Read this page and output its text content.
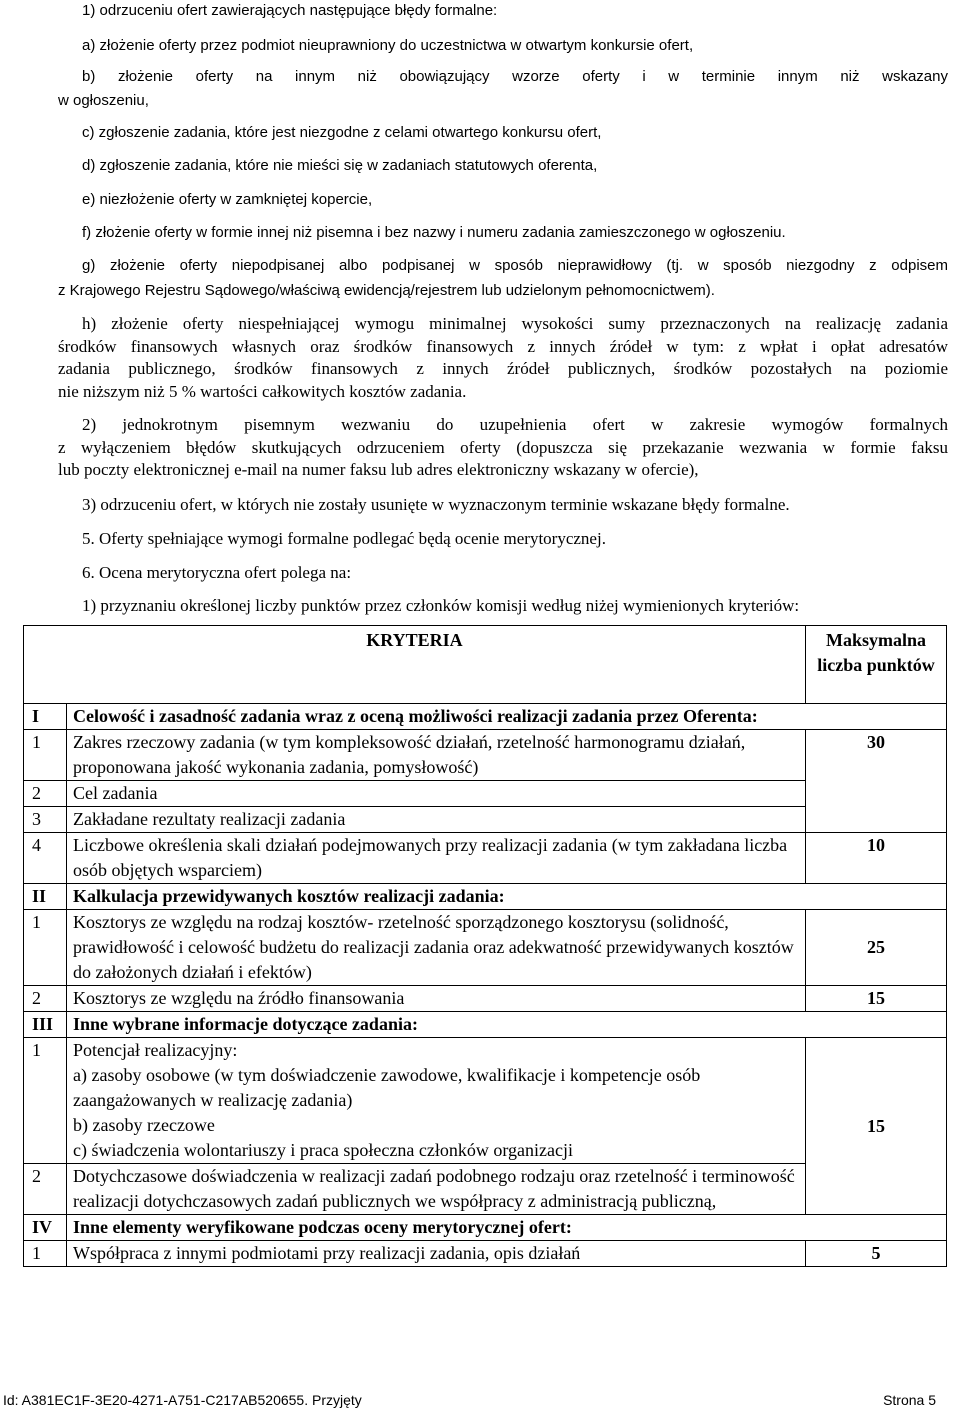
1) odrzuceniu ofert zawierających następujące błędy formalne:
a) złożenie oferty przez podmiot nieuprawniony do uczestnictwa w otwartym konkursie ofert,
b) złożenie oferty na innym niż obowiązujący wzorze oferty i w terminie innym niż wskazany
w ogłoszeniu,
c) zgłoszenie zadania, które jest niezgodne z celami otwartego konkursu ofert,
d) zgłoszenie zadania, które nie mieści się w zadaniach statutowych oferenta,
e) niezłożenie oferty w zamkniętej kopercie,
f) złożenie oferty w formie innej niż pisemna i bez nazwy i numeru zadania zamieszczonego w ogłoszeniu.
g) złożenie oferty niepodpisanej albo podpisanej w sposób nieprawidłowy (tj. w sposób niezgodny z odpisem
z Krajowego Rejestru Sądowego/właściwą ewidencją/rejestrem lub udzielonym pełnomocnictwem).
h) złożenie oferty niespełniającej wymogu minimalnej wysokości sumy przeznaczonych na realizację zadania
środków finansowych własnych oraz środków finansowych z innych źródeł w tym: z wpłat i opłat adresatów
zadania publicznego, środków finansowych z innych źródeł publicznych, środków pozostałych na poziomie
nie niższym niż 5 % wartości całkowitych kosztów zadania.
2) jednokrotnym pisemnym wezwaniu do uzupełnienia ofert w zakresie wymogów formalnych
z wyłączeniem błędów skutkujących odrzuceniem oferty (dopuszcza się przekazanie wezwania w formie faksu
lub poczty elektronicznej e-mail na numer faksu lub adres elektroniczny wskazany w ofercie),
3) odrzuceniu ofert, w których nie zostały usunięte w wyznaczonym terminie wskazane błędy formalne.
5. Oferty spełniające wymogi formalne podlegać będą ocenie merytorycznej.
6. Ocena merytoryczna ofert polega na:
1) przyznaniu określonej liczby punktów przez członków komisji według niżej wymienionych kryteriów:
KRYTERIA		Maksymalna liczba punktów
I	Celowość i zasadność zadania wraz z oceną możliwości realizacji zadania przez Oferenta:	
1	Zakres rzeczowy zadania (w tym kompleksowość działań, rzetelność harmonogramu działań, proponowana jakość wykonania zadania, pomysłowość)	30
2	Cel zadania	
3	Zakładane rezultaty realizacji zadania	
4	Liczbowe określenia skali działań podejmowanych przy realizacji zadania (w tym zakładana liczba osób objętych wsparciem)	10
II	Kalkulacja przewidywanych kosztów realizacji zadania:	
1	Kosztorys ze względu na rodzaj kosztów- rzetelność sporządzonego kosztorysu (solidność, prawidłowość i celowość budżetu do realizacji zadania oraz adekwatność przewidywanych kosztów do założonych działań i efektów)	25
2	Kosztorys ze względu na źródło finansowania	15
III	Inne wybrane informacje dotyczące zadania:	
1	Potencjał realizacyjny:
a) zasoby osobowe (w tym doświadczenie zawodowe, kwalifikacje i kompetencje osób zaangażowanych w realizację zadania)
b) zasoby rzeczowe
c) świadczenia wolontariuszy i praca społeczna członków organizacji	15
2	Dotychczasowe doświadczenia w realizacji zadań podobnego rodzaju oraz rzetelność i terminowość realizacji dotychczasowych zadań publicznych we współpracy z administracją publiczną,	
IV	Inne elementy weryfikowane podczas oceny merytorycznej ofert:	
1	Współpraca z innymi podmiotami przy realizacji zadania, opis działań	5
Id: A381EC1F-3E20-4271-A751-C217AB520655. Przyjęty	Strona 5
